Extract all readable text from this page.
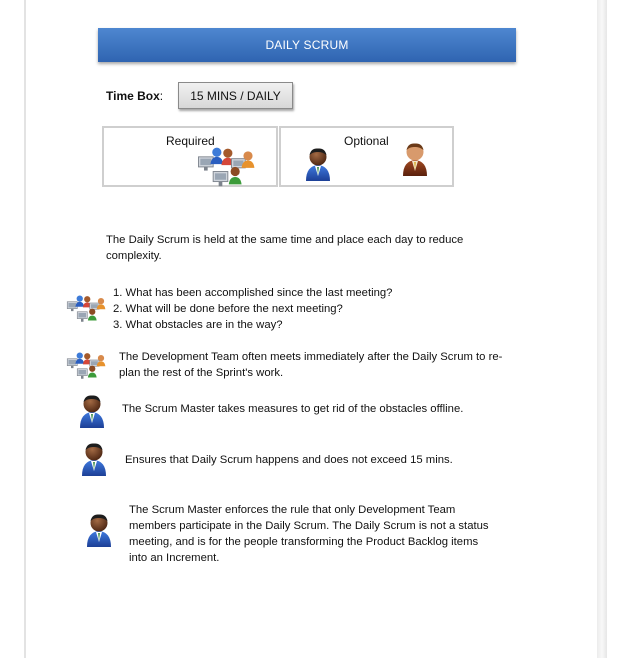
DAILY SCRUM
Time Box:	15 MINS / DAILY
Required	Optional
The Daily Scrum is held at the same time and place each day to reduce complexity.
1. What has been accomplished since the last meeting?
2. What will be done before the next meeting?
3. What obstacles are in the way?
The Development Team often meets immediately after the Daily Scrum to re-plan the rest of the Sprint's work.
The Scrum Master takes measures to get rid of the obstacles offline.
Ensures that Daily Scrum happens and does not exceed 15 mins.
The Scrum Master enforces the rule that only Development Team members participate in the Daily Scrum. The Daily Scrum is not a status meeting, and is for the people transforming the Product Backlog items into an Increment.
